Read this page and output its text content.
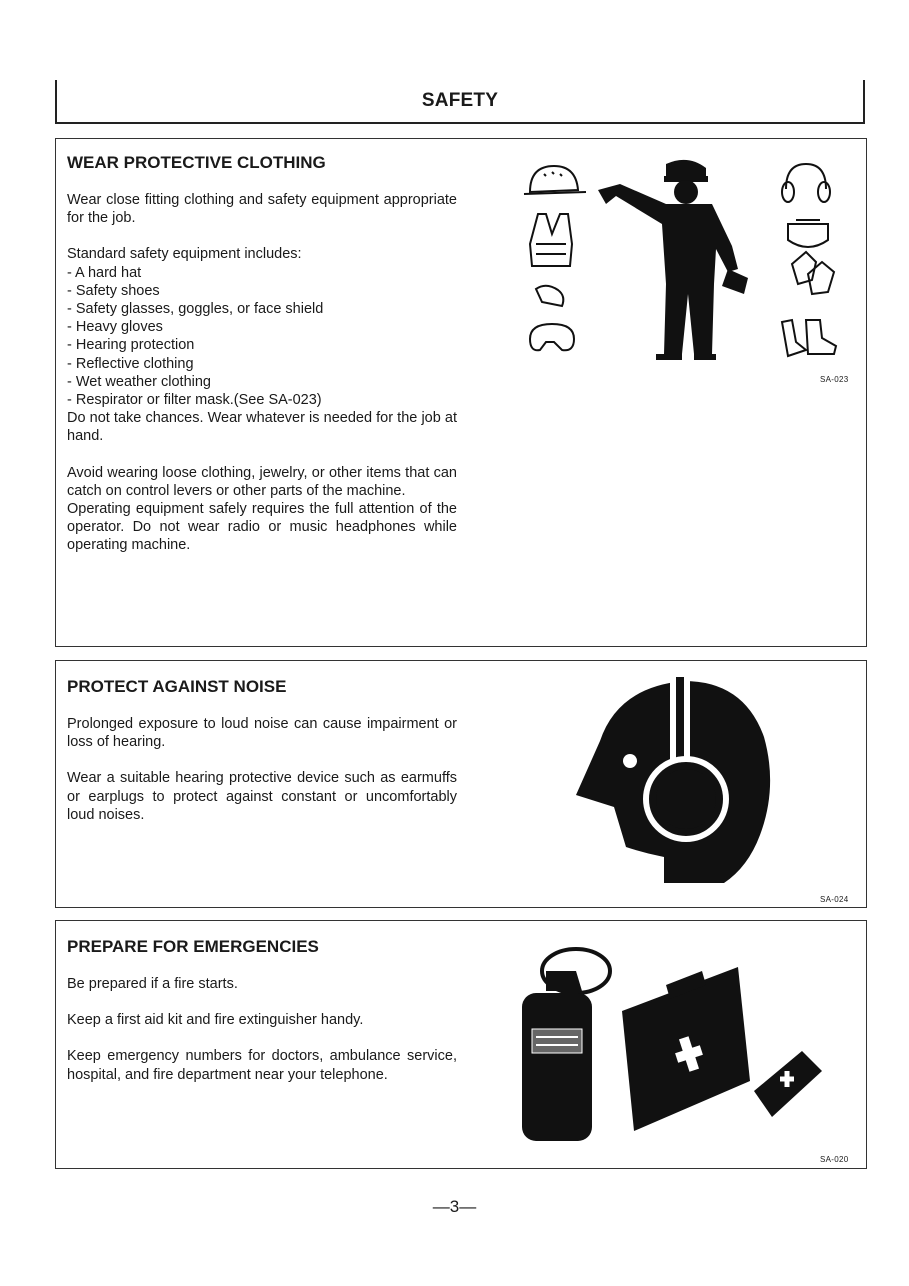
SAFETY
WEAR PROTECTIVE CLOTHING

Wear close fitting clothing and safety equipment appropriate for the job.

Standard safety equipment includes:

- A hard hat

- Safety shoes

- Safety glasses, goggles, or face shield

- Heavy gloves

- Hearing protection

- Reflective clothing

- Wet weather clothing

- Respirator or filter mask.(See SA-023)

Do not take chances. Wear whatever is needed for the job at hand.

Avoid wearing loose clothing, jewelry, or other items that can catch on control levers or other parts of the machine.

Operating equipment safely requires the full attention of the operator. Do not wear radio or music headphones while operating machine.

SA-023
PROTECT AGAINST NOISE

Prolonged exposure to loud noise can cause impairment or loss of hearing.

Wear a suitable hearing protective device such as earmuffs or earplugs to protect against constant or uncomfortably loud noises.

SA-024
PREPARE FOR EMERGENCIES

Be prepared if a fire starts.

Keep a first aid kit and fire extinguisher handy.

Keep emergency numbers for doctors, ambulance service, hospital, and fire department near your telephone.

SA-020
—3—
